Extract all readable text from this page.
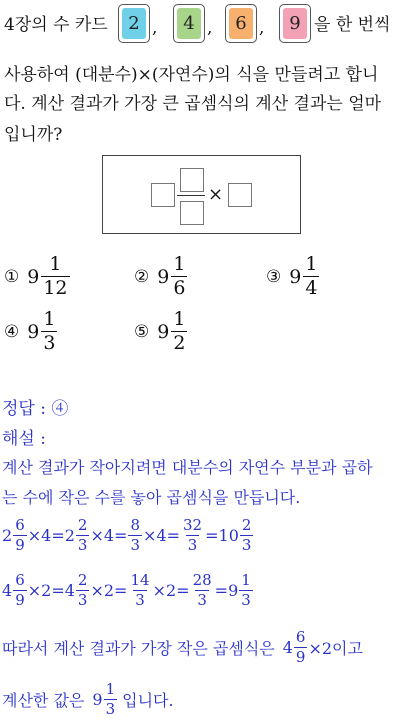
4장의 수 카드 2 , 4 , 6 , 9 을 한 번씩
사용하여 (대분수)×(자연수)의 식을 만들려고 합니
다. 계산 결과가 가장 큰 곱셈식의 계산 결과는 얼마
입니까?
×
① $9 \frac{1}{12}$	② $9 \frac{1}{6}$	③ $9 \frac{1}{4}$
④ $9 \frac{1}{3}$	⑤ $9 \frac{1}{2}$
정답 : ④
해설 :
계산 결과가 작아지려면 대분수의 자연수 부분과 곱하
는 수에 작은 수를 놓아 곱셈식을 만듭니다.
$2 \frac{6}{9} \times 4= 2 \frac{2}{3} \times 4= \frac{8}{3} \times 4= \frac{32}{3} = 10 \frac{2}{3}$
$4 \frac{6}{9} \times 2= 4 \frac{2}{3} \times 2= \frac{14}{3} \times 2= \frac{28}{3} = 9 \frac{1}{3}$
따라서 계산 결과가 가장 작은 곱셈식은 $4 \frac{6}{9} \times 2$이고
계산한 값은 $9 \frac{1}{3}$ 입니다.
